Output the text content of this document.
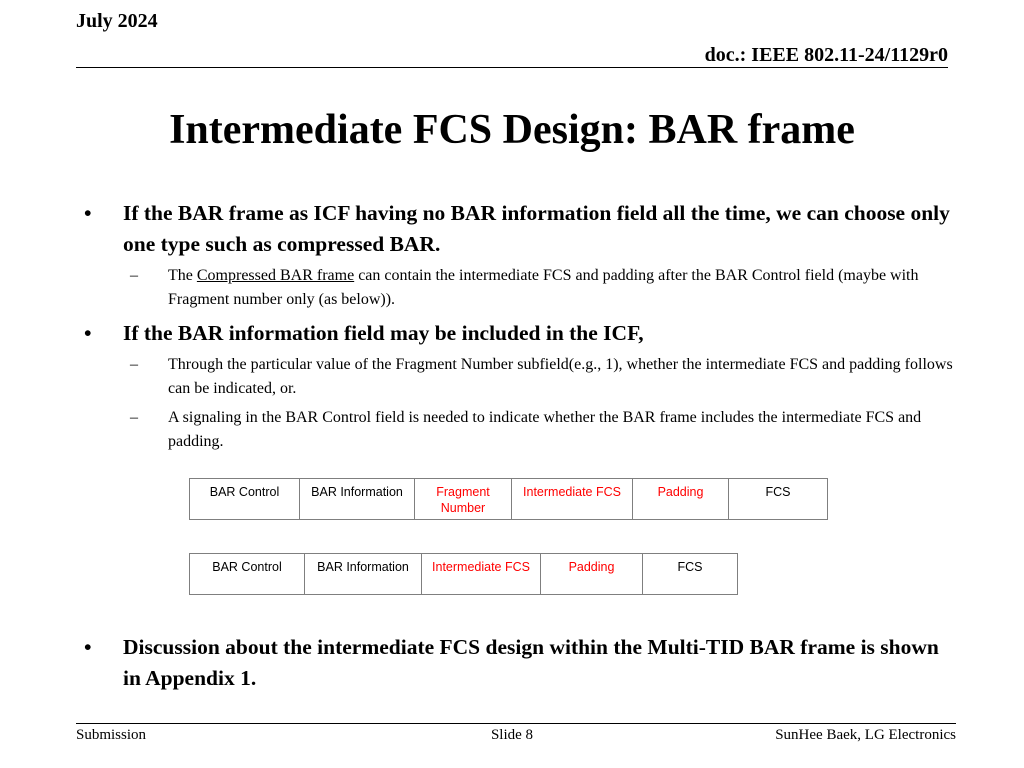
July 2024
doc.: IEEE 802.11-24/1129r0
Intermediate FCS Design: BAR frame
• If the BAR frame as ICF having no BAR information field all the time, we can choose only one type such as compressed BAR.
– The Compressed BAR frame can contain the intermediate FCS and padding after the BAR Control field (maybe with Fragment number only (as below)).
• If the BAR information field may be included in the ICF,
– Through the particular value of the Fragment Number subfield(e.g., 1), whether the intermediate FCS and padding follows can be indicated, or.
– A signaling in the BAR Control field is needed to indicate whether the BAR frame includes the intermediate FCS and padding.
BAR Control	BAR Information	Fragment Number	Intermediate FCS	Padding	FCS
BAR Control	BAR Information	Intermediate FCS	Padding	FCS
• Discussion about the intermediate FCS design within the Multi-TID BAR frame is shown in Appendix 1.
Submission	Slide 8	SunHee Baek, LG Electronics
